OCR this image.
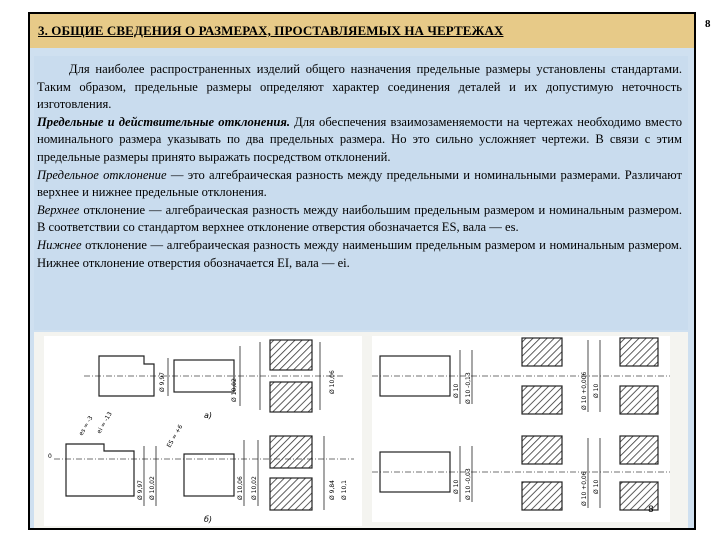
8
3. ОБЩИЕ СВЕДЕНИЯ О РАЗМЕРАХ, ПРОСТАВЛЯЕМЫХ НА ЧЕРТЕЖАХ

Для наиболее распространенных изделий общего назначения предельные размеры установлены стандартами. Таким образом, предельные размеры определяют характер соединения деталей и их допустимую неточность изготовления.

Предельные и действительные отклонения. Для обеспечения взаимозаменяемости на чертежах необходимо вместо номинального размера указывать по два предельных размера. Но это сильно усложняет чертежи. В связи с этим предельные размеры принято выражать посредством отклонений.

Предельное отклонение — это алгебраическая разность между предельными и номинальными размерами. Различают верхнее и нижнее предельные отклонения.

Верхнее отклонение — алгебраическая разность между наибольшим предельным размером и номинальным размером. В соответствии со стандартом верхнее отклонение отверстия обозначается ES, вала — es.

Нижнее отклонение — алгебраическая разность между наименьшим предельным размером и номинальным размером. Нижнее отклонение отверстия обозначается EI, вала — ei.

Ø 9,97	Ø 10,02	Ø 10,06
а)
0
es = -3 ei = -13
ES = +6
Ø 9,97 Ø 10,02	Ø 10,06 Ø 10,02	Ø 9,84 Ø 10,1
б)
Ø 10 Ø 10 -0,13	Ø 10 +0,006 Ø 10
Ø 10 Ø 10 -0,03	Ø 10 +0,06 Ø 10
8
